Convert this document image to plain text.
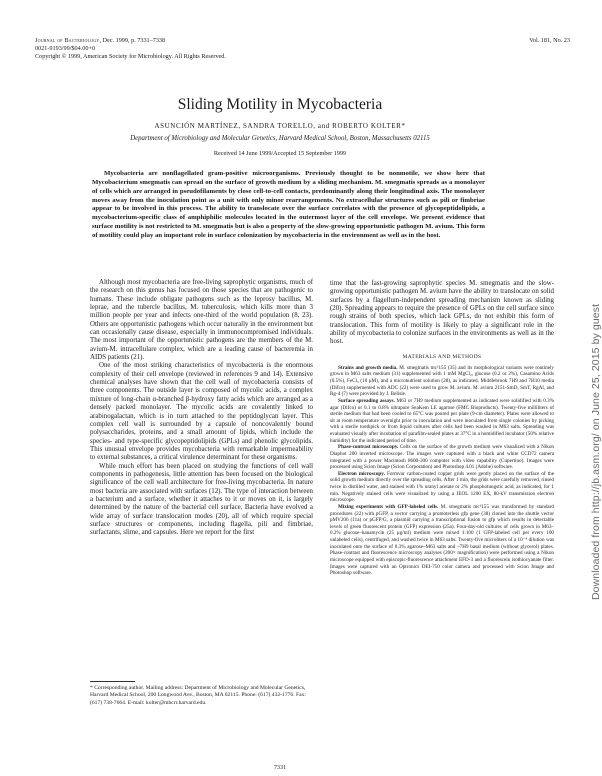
Journal of Bacteriology, Dec. 1999, p. 7331–7338
0021-9193/99/$04.00+0
Copyright © 1999, American Society for Microbiology. All Rights Reserved.
Vol. 181, No. 23
Sliding Motility in Mycobacteria
ASUNCIÓN MARTÍNEZ, SANDRA TORELLO, and ROBERTO KOLTER*
Department of Microbiology and Molecular Genetics, Harvard Medical School, Boston, Massachusetts 02115
Received 14 June 1999/Accepted 15 September 1999
Mycobacteria are nonflagellated gram-positive microorganisms. Previously thought to be nonmotile, we show here that Mycobacterium smegmatis can spread on the surface of growth medium by a sliding mechanism. M. smegmatis spreads as a monolayer of cells which are arranged in pseudofilaments by close cell-to-cell contacts, predominantly along their longitudinal axis. The monolayer moves away from the inoculation point as a unit with only minor rearrangements. No extracellular structures such as pili or fimbriae appear to be involved in this process. The ability to translocate over the surface correlates with the presence of glycopeptidolipids, a mycobacterium-specific class of amphiphilic molecules located in the outermost layer of the cell envelope. We present evidence that surface motility is not restricted to M. smegmatis but is also a property of the slow-growing opportunistic pathogen M. avium. This form of motility could play an important role in surface colonization by mycobacteria in the environment as well as in the host.

Although most mycobacteria are free-living saprophytic organisms, much of the research on this genus has focused on those species that are pathogenic to humans. These include obligate pathogens such as the leprosy bacillus, M. leprae, and the tubercle bacillus, M. tuberculosis, which kills more than 3 million people per year and infects one-third of the world population (8, 23). Others are opportunistic pathogens which occur naturally in the environment but can occasionally cause disease, especially in immunocompromised individuals. The most important of the opportunistic pathogens are the members of the M. avium-M. intracellulare complex, which are a leading cause of bacteremia in AIDS patients (21).

One of the most striking characteristics of mycobacteria is the enormous complexity of their cell envelope (reviewed in references 9 and 14). Extensive chemical analyses have shown that the cell wall of mycobacteria consists of three components. The outside layer is composed of mycolic acids, a complex mixture of long-chain α-branched β-hydroxy fatty acids which are arranged as a densely packed monolayer. The mycolic acids are covalently linked to arabinogalactan, which is in turn attached to the peptidoglycan layer. This complex cell wall is surrounded by a capsule of noncovalently bound polysaccharides, proteins, and a small amount of lipids, which include the species- and type-specific glycopeptidolipids (GPLs) and phenolic glycolipids. This unusual envelope provides mycobacteria with remarkable impermeability to external substances, a critical virulence determinant for these organisms.

While much effort has been placed on studying the functions of cell wall components in pathogenesis, little attention has been focused on the biological significance of the cell wall architecture for free-living mycobacteria. In nature most bacteria are associated with surfaces (12). The type of interaction between a bacterium and a surface, whether it attaches to it or moves on it, is largely determined by the nature of the bacterial cell surface. Bacteria have evolved a wide array of surface translocation modes (20), all of which require special surface structures or components, including flagella, pili and fimbriae, surfactants, slime, and capsules. Here we report for the first

time that the fast-growing saprophytic species M. smegmatis and the slow-growing opportunistic pathogen M. avium have the ability to translocate on solid surfaces by a flagellum-independent spreading mechanism known as sliding (20). Spreading appears to require the presence of GPLs on the cell surface since rough strains of both species, which lack GPLs, do not exhibit this form of translocation. This form of motility is likely to play a significant role in the ability of mycobacteria to colonize surfaces in the environments as well as in the host.

MATERIALS AND METHODS

Strains and growth media. M. smegmatis mc²155 (35) and its morphological variants were routinely grown in M63 salts medium (31) supplemented with 1 mM MgCl₂, glucose (0.2 or 2%), Casamino Acids (0.5%), FeCl₃ (10 μM), and a micronutrient solution (28), as indicated. Middlebrook 7H9 and 7H10 media (Difco) supplemented with ADC (22) were used to grow M. avium. M. avium 2151-SmD, SmT, RgAl, and Rg-4 (7) were provided by J. Belisle.

Surface spreading assays. M63 or 7H9 medium supplemented as indicated were solidified with 0.3% agar (Difco) or 0.1 to 0.8% ultrapure SeaKem LE agarose (FMC Bioproducts). Twenty-five milliliters of sterile medium that had been cooled to 65°C was poured per plate (9-cm diameter). Plates were allowed to sit at room temperature overnight prior to inoculation and were inoculated from single colonies by picking with a sterile toothpick or from liquid cultures after cells had been washed in M63 salts. Spreading was evaluated visually after incubation of parafilm-sealed plates at 37°C in a humidified incubator (50% relative humidity) for the indicated period of time.

Phase-contrast microscopy. Cells on the surface of the growth medium were visualized with a Nikon Diaphot 200 inverted microscope. The images were captured with a black and white CCD72 camera integrated with a power Macintosh 8600-300 computer with video capability (Cupertino). Images were processed using Scion Image (Scion Corporation) and Photoshop 4.01 (Adobe) software.

Electron microscopy. Formvar carbon-coated copper grids were gently placed on the surface of the solid growth medium directly over the spreading cells. After 1 min, the grids were carefully removed, rinsed twice in distilled water, and stained with 1% uranyl acetate or 2% phosphotungstic acid, as indicated, for 1 min. Negatively stained cells were visualized by using a JEOL 1200 EX, 80-kV transmission electron microscope.

Mixing experiments with GFP-labeled cells. M. smegmatis mc²155 was transformed by standard procedures (22) with pGFP, a vector carrying a promoterless gfp gene (38) cloned into the shuttle vector pMV206 (11a) or pGFP/G, a plasmid carrying a transcriptional fusion to gfp which results in detectable levels of green fluorescent protein (GFP) expression (25a). Four-day-old cultures of cells grown in M63–0.2% glucose–kanamycin (25 μg/ml) medium were mixed 1:100 (1 GFP-labeled cell per every 100 unlabeled cells), centrifuged, and washed twice in M63 salts. Twenty-five microliters of a 10⁻⁴ dilution was inoculated onto the surface of 0.3% agarose–M63 salts and –7H9 basal medium (without glycerol) plates. Phase-contrast and fluorescence microscopy analyses (200× magnification) were performed using a Nikon microscope equipped with episcopic-fluorescence attachment EFD-3 and a fluorescein isothiocyanate filter. Images were captured with an Optronics DEI-750 color camera and processed with Scion Image and Photoshop software.

* Corresponding author. Mailing address: Department of Microbiology and Molecular Genetics, Harvard Medical School, 200 Longwood Ave., Boston, MA 02115. Phone: (617) 432-1776. Fax: (617) 738-7664. E-mail: kolter@mbcrr.harvard.edu.
7331
Downloaded from http://jb.asm.org/ on June 25, 2015 by guest
